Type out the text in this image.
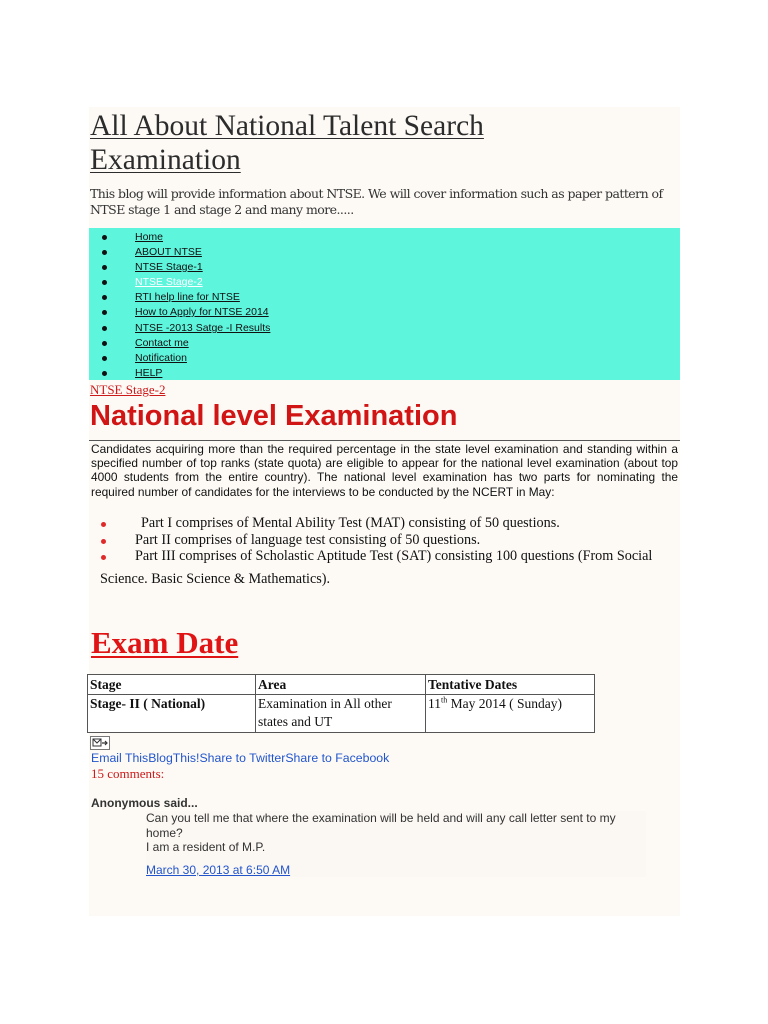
All About National Talent Search Examination

This blog will provide information about NTSE. We will cover information such as paper pattern of NTSE stage 1 and stage 2 and many more.....

Home
ABOUT NTSE
NTSE Stage-1
NTSE Stage-2
RTI help line for NTSE
How to Apply for NTSE 2014
NTSE -2013 Satge -I Results
Contact me
Notification
HELP
NTSE Stage-2
National level Examination

Candidates acquiring more than the required percentage in the state level examination and standing within a specified number of top ranks (state quota) are eligible to appear for the national level examination (about top 4000 students from the entire country). The national level examination has two parts for nominating the required number of candidates for the interviews to be conducted by the NCERT in May:

Part I comprises of Mental Ability Test (MAT) consisting of 50 questions.
Part II comprises of language test consisting of 50 questions.
Part III comprises of Scholastic Aptitude Test (SAT) consisting 100 questions (From Social
Science. Basic Science & Mathematics).
Exam Date
Stage	Area	Tentative Dates
Stage- II ( National)	Examination in All other states and UT	11th May 2014 ( Sunday)
Email ThisBlogThis!Share to TwitterShare to Facebook
15 comments:
Anonymous said...

Can you tell me that where the examination will be held and will any call letter sent to my home?
I am a resident of M.P.

March 30, 2013 at 6:50 AM
